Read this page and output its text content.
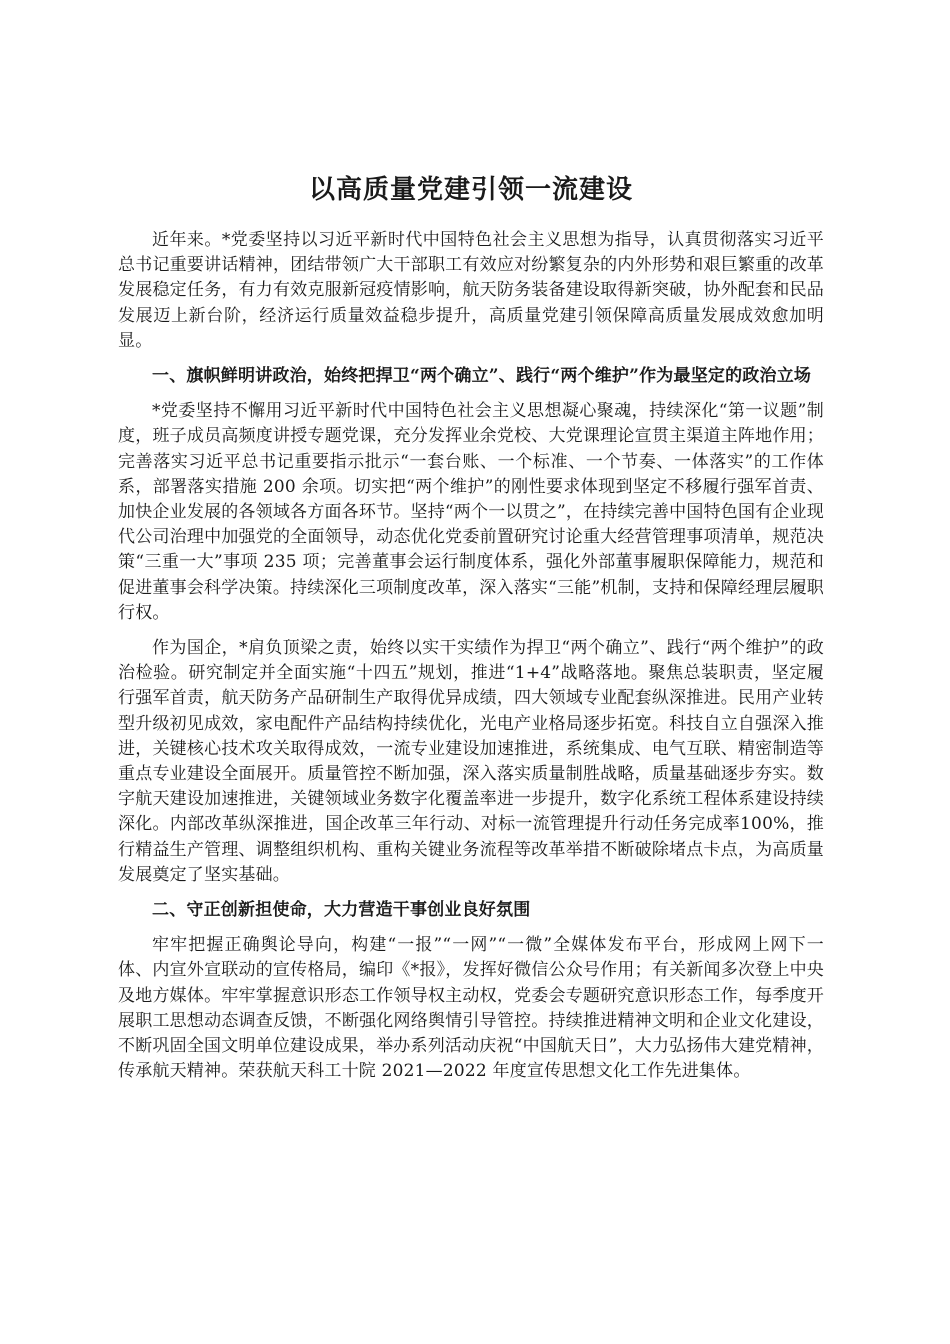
以高质量党建引领一流建设

近年来。*党委坚持以习近平新时代中国特色社会主义思想为指导，认真贯彻落实习近平总书记重要讲话精神，团结带领广大干部职工有效应对纷繁复杂的内外形势和艰巨繁重的改革发展稳定任务，有力有效克服新冠疫情影响，航天防务装备建设取得新突破，协外配套和民品发展迈上新台阶，经济运行质量效益稳步提升，高质量党建引领保障高质量发展成效愈加明显。

一、旗帜鲜明讲政治，始终把捍卫“两个确立”、践行“两个维护”作为最坚定的政治立场

*党委坚持不懈用习近平新时代中国特色社会主义思想凝心聚魂，持续深化“第一议题”制度，班子成员高频度讲授专题党课，充分发挥业余党校、大党课理论宣贯主渠道主阵地作用；完善落实习近平总书记重要指示批示“一套台账、一个标准、一个节奏、一体落实”的工作体系，部署落实措施 200 余项。切实把“两个维护”的刚性要求体现到坚定不移履行强军首责、加快企业发展的各领域各方面各环节。坚持“两个一以贯之”，在持续完善中国特色国有企业现代公司治理中加强党的全面领导，动态优化党委前置研究讨论重大经营管理事项清单，规范决策“三重一大”事项 235 项；完善董事会运行制度体系，强化外部董事履职保障能力，规范和促进董事会科学决策。持续深化三项制度改革，深入落实“三能”机制，支持和保障经理层履职行权。

作为国企，*肩负顶梁之责，始终以实干实绩作为捍卫“两个确立”、践行“两个维护”的政治检验。研究制定并全面实施“十四五”规划，推进“1+4”战略落地。聚焦总装职责，坚定履行强军首责，航天防务产品研制生产取得优异成绩，四大领域专业配套纵深推进。民用产业转型升级初见成效，家电配件产品结构持续优化，光电产业格局逐步拓宽。科技自立自强深入推进，关键核心技术攻关取得成效，一流专业建设加速推进，系统集成、电气互联、精密制造等重点专业建设全面展开。质量管控不断加强，深入落实质量制胜战略，质量基础逐步夯实。数字航天建设加速推进，关键领域业务数字化覆盖率进一步提升，数字化系统工程体系建设持续深化。内部改革纵深推进，国企改革三年行动、对标一流管理提升行动任务完成率100%，推行精益生产管理、调整组织机构、重构关键业务流程等改革举措不断破除堵点卡点，为高质量发展奠定了坚实基础。

二、守正创新担使命，大力营造干事创业良好氛围

牢牢把握正确舆论导向，构建“一报”“一网”“一微”全媒体发布平台，形成网上网下一体、内宣外宣联动的宣传格局，编印《*报》，发挥好微信公众号作用；有关新闻多次登上中央及地方媒体。牢牢掌握意识形态工作领导权主动权，党委会专题研究意识形态工作，每季度开展职工思想动态调查反馈，不断强化网络舆情引导管控。持续推进精神文明和企业文化建设，不断巩固全国文明单位建设成果，举办系列活动庆祝“中国航天日”，大力弘扬伟大建党精神，传承航天精神。荣获航天科工十院 2021—2022 年度宣传思想文化工作先进集体。
